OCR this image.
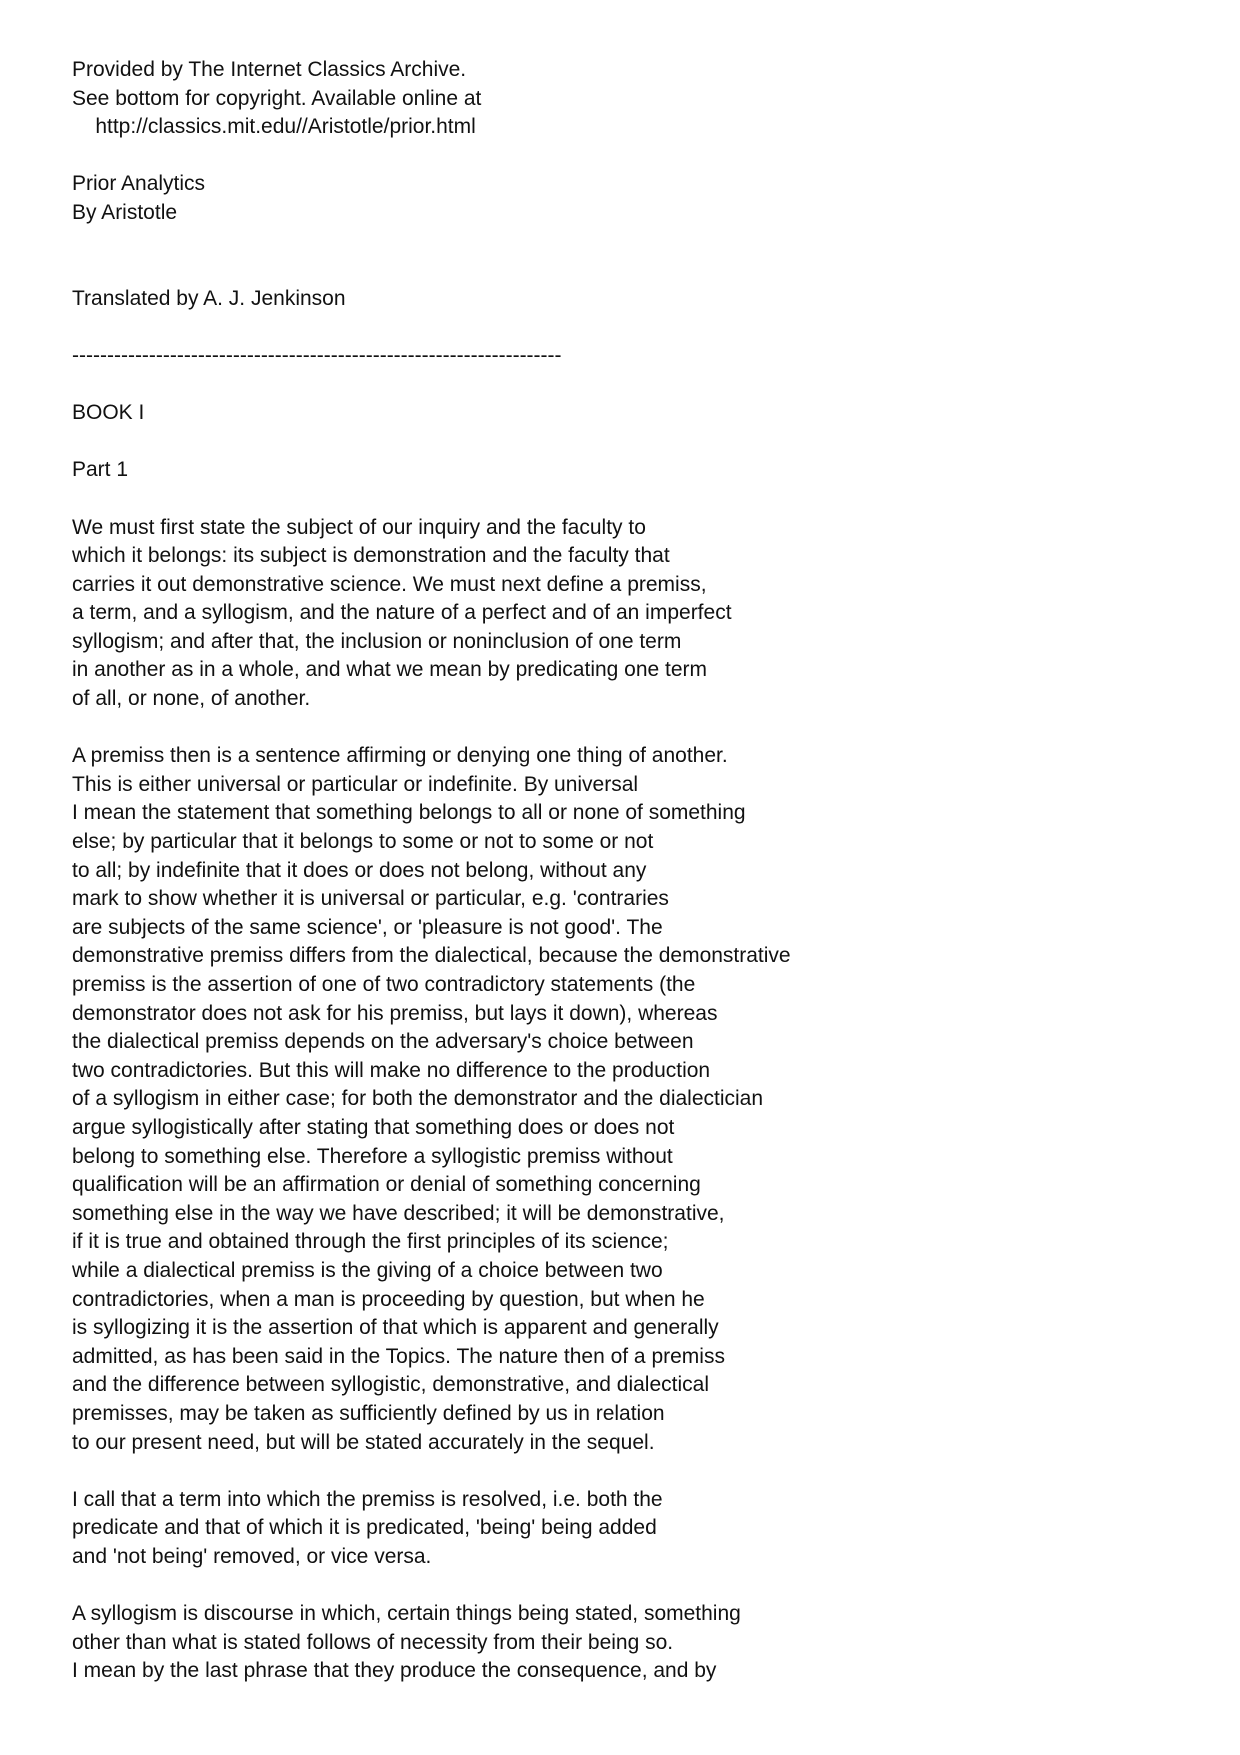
Provided by The Internet Classics Archive.
See bottom for copyright. Available online at
http://classics.mit.edu//Aristotle/prior.html
Prior Analytics
By Aristotle
Translated by A. J. Jenkinson
----------------------------------------------------------------------
BOOK I
Part 1
We must first state the subject of our inquiry and the faculty to
which it belongs: its subject is demonstration and the faculty that
carries it out demonstrative science. We must next define a premiss,
a term, and a syllogism, and the nature of a perfect and of an imperfect
syllogism; and after that, the inclusion or noninclusion of one term
in another as in a whole, and what we mean by predicating one term
of all, or none, of another.
A premiss then is a sentence affirming or denying one thing of another.
This is either universal or particular or indefinite. By universal
I mean the statement that something belongs to all or none of something
else; by particular that it belongs to some or not to some or not
to all; by indefinite that it does or does not belong, without any
mark to show whether it is universal or particular, e.g. 'contraries
are subjects of the same science', or 'pleasure is not good'. The
demonstrative premiss differs from the dialectical, because the demonstrative
premiss is the assertion of one of two contradictory statements (the
demonstrator does not ask for his premiss, but lays it down), whereas
the dialectical premiss depends on the adversary's choice between
two contradictories. But this will make no difference to the production
of a syllogism in either case; for both the demonstrator and the dialectician
argue syllogistically after stating that something does or does not
belong to something else. Therefore a syllogistic premiss without
qualification will be an affirmation or denial of something concerning
something else in the way we have described; it will be demonstrative,
if it is true and obtained through the first principles of its science;
while a dialectical premiss is the giving of a choice between two
contradictories, when a man is proceeding by question, but when he
is syllogizing it is the assertion of that which is apparent and generally
admitted, as has been said in the Topics. The nature then of a premiss
and the difference between syllogistic, demonstrative, and dialectical
premisses, may be taken as sufficiently defined by us in relation
to our present need, but will be stated accurately in the sequel.
I call that a term into which the premiss is resolved, i.e. both the
predicate and that of which it is predicated, 'being' being added
and 'not being' removed, or vice versa.
A syllogism is discourse in which, certain things being stated, something
other than what is stated follows of necessity from their being so.
I mean by the last phrase that they produce the consequence, and by
